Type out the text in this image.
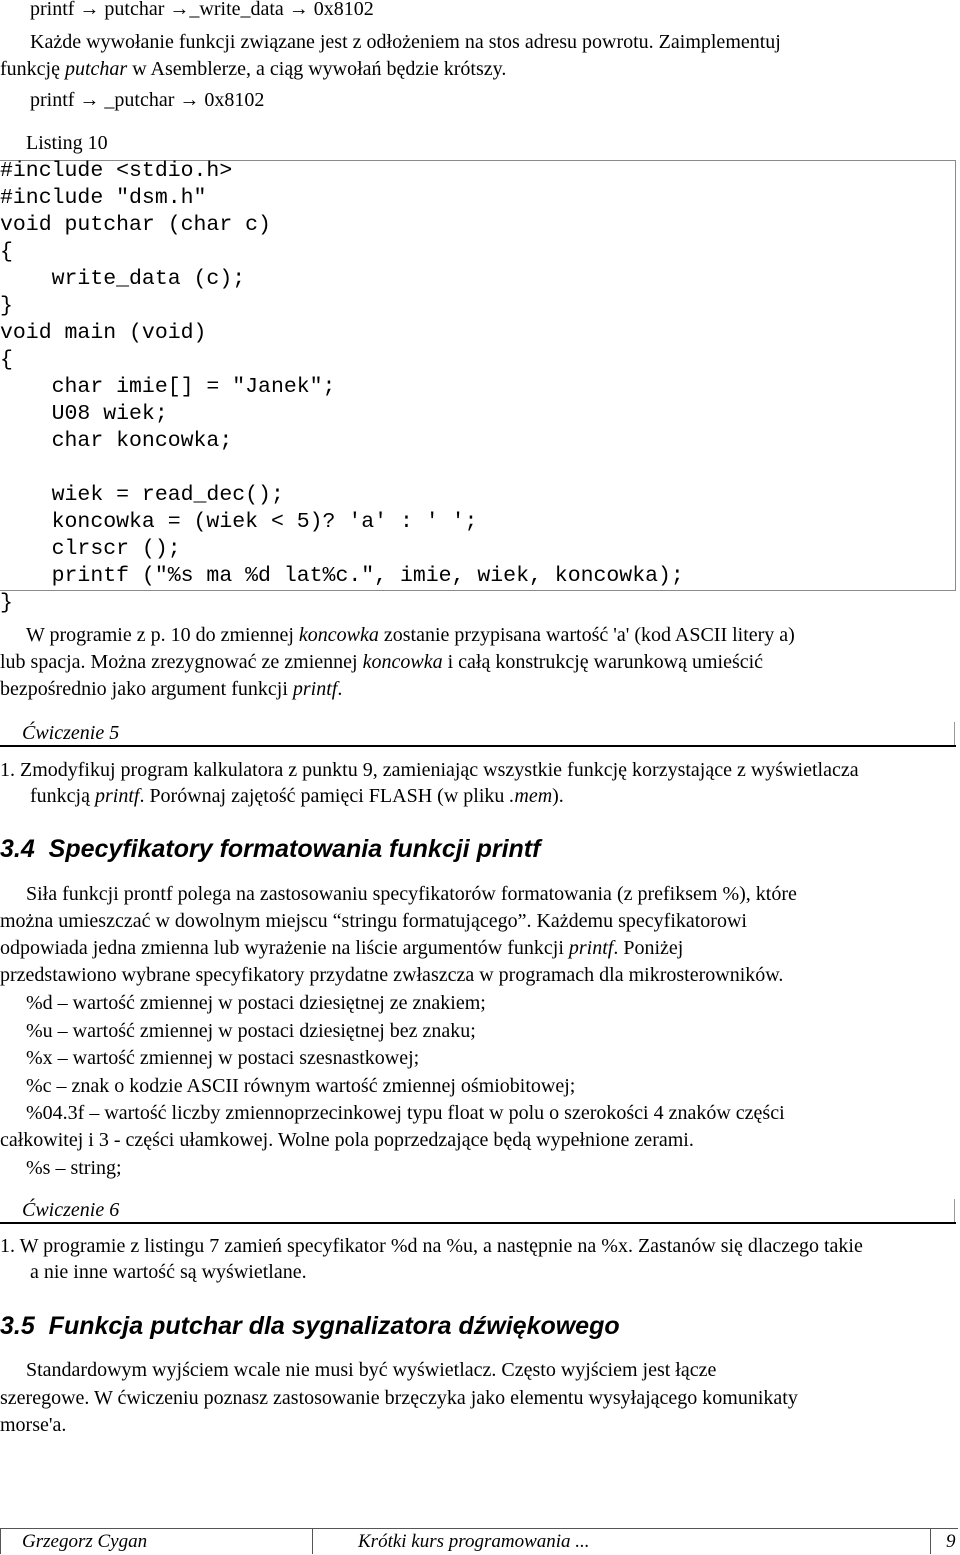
printf → putchar →_write_data → 0x8102
Każde wywołanie funkcji związane jest z odłożeniem na stos adresu powrotu. Zaimplementuj
funkcję putchar w Asemblerze, a ciąg wywołań będzie krótszy.
printf → _putchar → 0x8102
Listing 10
#include <stdio.h>
#include "dsm.h"
void putchar (char c)
{
write_data (c);
}
void main (void)
{
char imie[] = "Janek";
U08 wiek;
char koncowka;
wiek = read_dec();
koncowka = (wiek < 5)? 'a' : ' ';
clrscr ();
printf ("%s ma %d lat%c.", imie, wiek, koncowka);
}
W programie z p. 10 do zmiennej koncowka zostanie przypisana wartość 'a' (kod ASCII litery a)
lub spacja. Można zrezygnować ze zmiennej koncowka i całą konstrukcję warunkową umieścić
bezpośrednio jako argument funkcji printf.
Ćwiczenie 5
1. Zmodyfikuj program kalkulatora z punktu 9, zamieniając wszystkie funkcję korzystające z wyświetlacza
funkcją printf. Porównaj zajętość pamięci FLASH (w pliku .mem).
3.4 Specyfikatory formatowania funkcji printf
Siła funkcji prontf polega na zastosowaniu specyfikatorów formatowania (z prefiksem %), które
można umieszczać w dowolnym miejscu “stringu formatującego”. Każdemu specyfikatorowi
odpowiada jedna zmienna lub wyrażenie na liście argumentów funkcji printf. Poniżej
przedstawiono wybrane specyfikatory przydatne zwłaszcza w programach dla mikrosterowników.
%d – wartość zmiennej w postaci dziesiętnej ze znakiem;
%u – wartość zmiennej w postaci dziesiętnej bez znaku;
%x – wartość zmiennej w postaci szesnastkowej;
%c – znak o kodzie ASCII równym wartość zmiennej ośmiobitowej;
%04.3f – wartość liczby zmiennoprzecinkowej typu float w polu o szerokości 4 znaków części
całkowitej i 3 - części ułamkowej. Wolne pola poprzedzające będą wypełnione zerami.
%s – string;
Ćwiczenie 6
1. W programie z listingu 7 zamień specyfikator %d na %u, a następnie na %x. Zastanów się dlaczego takie
a nie inne wartość są wyświetlane.
3.5 Funkcja putchar dla sygnalizatora dźwiękowego
Standardowym wyjściem wcale nie musi być wyświetlacz. Często wyjściem jest łącze
szeregowe. W ćwiczeniu poznasz zastosowanie brzęczyka jako elementu wysyłającego komunikaty
morse'a.
Grzegorz Cygan	Krótki kurs programowania ...	9
